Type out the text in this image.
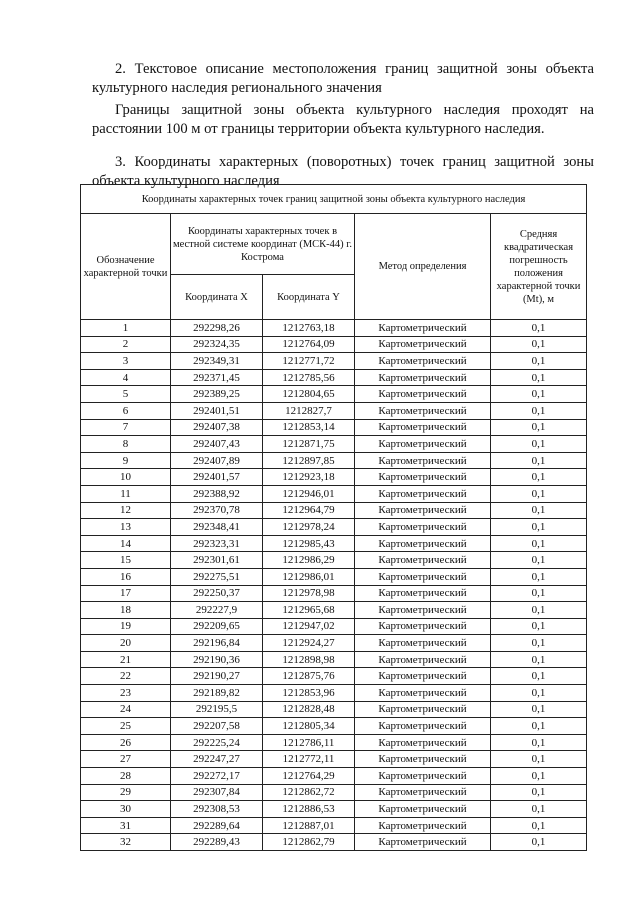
2. Текстовое описание местоположения границ защитной зоны объекта культурного наследия регионального значения

Границы защитной зоны объекта культурного наследия проходят на расстоянии 100 м от границы территории объекта культурного наследия.

3. Координаты характерных (поворотных) точек границ защитной зоны объекта культурного наследия

Координаты характерных точек границ защитной зоны объекта культурного наследия				
Обозначение характерной точки	Координаты характерных точек в местной системе координат (МСК-44) г. Кострома		Метод определения	Средняя квадратическая погрешность положения характерной точки (Mt), м
	Координата X	Координата Y		
1	292298,26	1212763,18	Картометрический	0,1
2	292324,35	1212764,09	Картометрический	0,1
3	292349,31	1212771,72	Картометрический	0,1
4	292371,45	1212785,56	Картометрический	0,1
5	292389,25	1212804,65	Картометрический	0,1
6	292401,51	1212827,7	Картометрический	0,1
7	292407,38	1212853,14	Картометрический	0,1
8	292407,43	1212871,75	Картометрический	0,1
9	292407,89	1212897,85	Картометрический	0,1
10	292401,57	1212923,18	Картометрический	0,1
11	292388,92	1212946,01	Картометрический	0,1
12	292370,78	1212964,79	Картометрический	0,1
13	292348,41	1212978,24	Картометрический	0,1
14	292323,31	1212985,43	Картометрический	0,1
15	292301,61	1212986,29	Картометрический	0,1
16	292275,51	1212986,01	Картометрический	0,1
17	292250,37	1212978,98	Картометрический	0,1
18	292227,9	1212965,68	Картометрический	0,1
19	292209,65	1212947,02	Картометрический	0,1
20	292196,84	1212924,27	Картометрический	0,1
21	292190,36	1212898,98	Картометрический	0,1
22	292190,27	1212875,76	Картометрический	0,1
23	292189,82	1212853,96	Картометрический	0,1
24	292195,5	1212828,48	Картометрический	0,1
25	292207,58	1212805,34	Картометрический	0,1
26	292225,24	1212786,11	Картометрический	0,1
27	292247,27	1212772,11	Картометрический	0,1
28	292272,17	1212764,29	Картометрический	0,1
29	292307,84	1212862,72	Картометрический	0,1
30	292308,53	1212886,53	Картометрический	0,1
31	292289,64	1212887,01	Картометрический	0,1
32	292289,43	1212862,79	Картометрический	0,1
